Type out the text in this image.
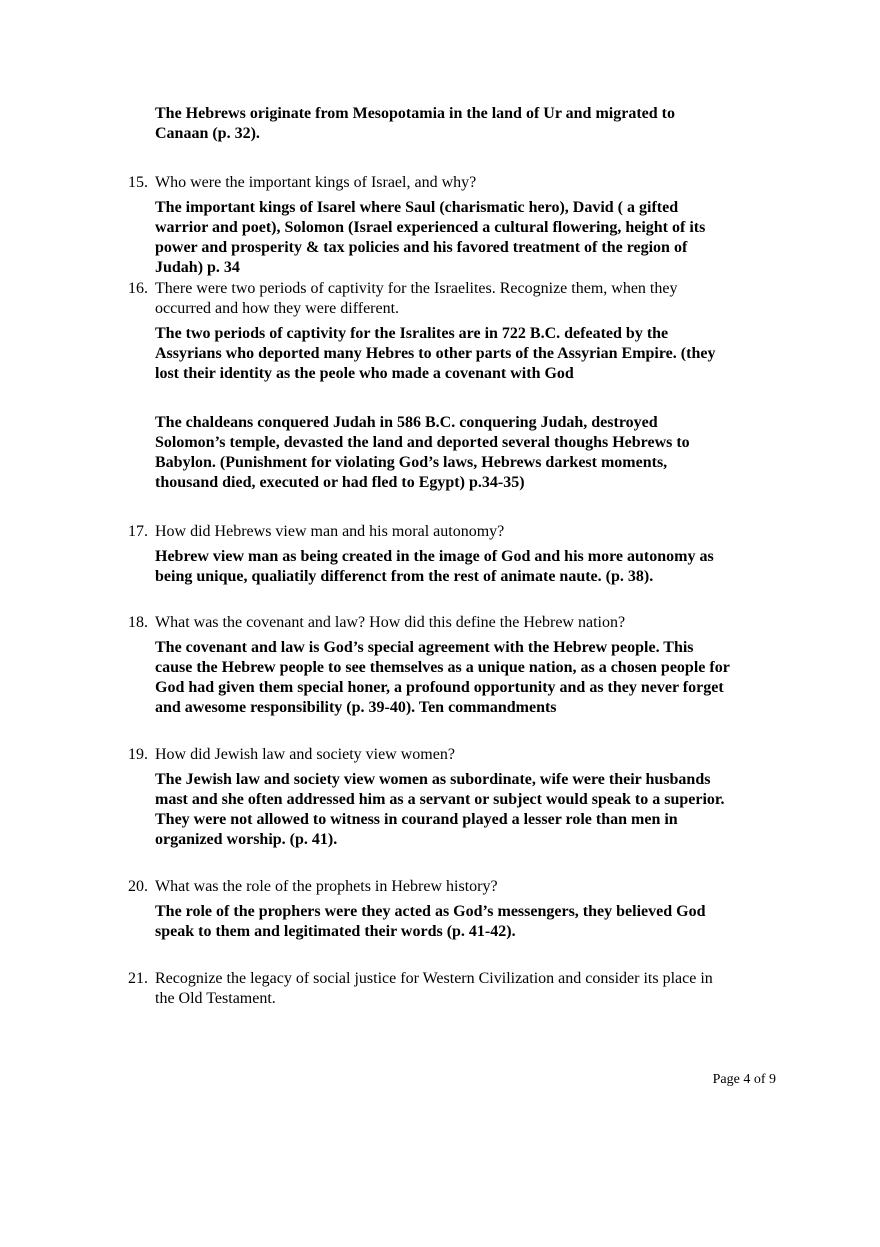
The Hebrews originate from Mesopotamia in the land of Ur and migrated to
Canaan (p. 32).

15. Who were the important kings of Israel, and why?

The important kings of Isarel where Saul (charismatic hero), David ( a gifted
warrior and poet), Solomon (Israel experienced a cultural flowering, height of its
power and prosperity & tax policies and his favored treatment of the region of
Judah) p. 34

16. There were two periods of captivity for the Israelites. Recognize them, when they
occurred and how they were different.

The two periods of captivity for the Isralites are in 722 B.C. defeated by the
Assyrians who deported many Hebres to other parts of the Assyrian Empire. (they
lost their identity as the peole who made a covenant with God

The chaldeans conquered Judah in 586 B.C. conquering Judah, destroyed
Solomon’s temple, devasted the land and deported several thoughs Hebrews to
Babylon. (Punishment for violating God’s laws, Hebrews darkest moments,
thousand died, executed or had fled to Egypt) p.34-35)

17. How did Hebrews view man and his moral autonomy?

Hebrew view man as being created in the image of God and his more autonomy as
being unique, qualiatily differenct from the rest of animate naute. (p. 38).

18. What was the covenant and law? How did this define the Hebrew nation?

The covenant and law is God’s special agreement with the Hebrew people. This
cause the Hebrew people to see themselves as a unique nation, as a chosen people for
God had given them special honer, a profound opportunity and as they never forget
and awesome responsibility (p. 39-40). Ten commandments

19. How did Jewish law and society view women?

The Jewish law and society view women as subordinate, wife were their husbands
mast and she often addressed him as a servant or subject would speak to a superior.
They were not allowed to witness in courand played a lesser role than men in
organized worship. (p. 41).

20. What was the role of the prophets in Hebrew history?

The role of the prophers were they acted as God’s messengers, they believed God
speak to them and legitimated their words (p. 41-42).

21. Recognize the legacy of social justice for Western Civilization and consider its place in
the Old Testament.

Page 4 of 9
